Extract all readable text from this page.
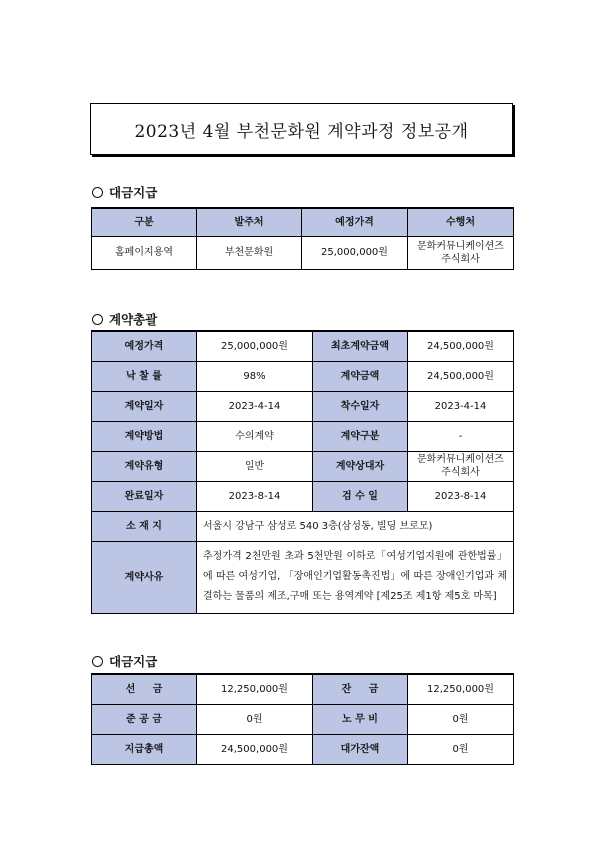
2023년 4월 부천문화원 계약과정 정보공개
대금지급
구분	발주처	예정가격	수행처
홈페이지용역	부천문화원	25,000,000원	문화커뮤니케이션즈
주식회사
계약총괄
예정가격	25,000,000원	최초계약금액	24,500,000원
낙 찰 률	98%	계약금액	24,500,000원
계약일자	2023-4-14	착수일자	2023-4-14
계약방법	수의계약	계약구분	-
계약유형	일반	계약상대자	문화커뮤니케이션즈
주식회사
완료일자	2023-8-14	검 수 일	2023-8-14
소 재 지	서울시 강남구 삼성로 540 3층(삼성동, 빌딩 브로모)		
계약사유	추정가격 2천만원 초과 5천만원 이하로「여성기업지원에 관한법률」에 따른 여성기업, 「장애인기업활동촉진법」에 따른 장애인기업과 체결하는 물품의 제조,구매 또는 용역계약 [제25조 제1항 제5호 마목]		
대금지급
선     금	12,250,000원	잔     금	12,250,000원
준 공 금	0원	노 무 비	0원
지급총액	24,500,000원	대가잔액	0원
